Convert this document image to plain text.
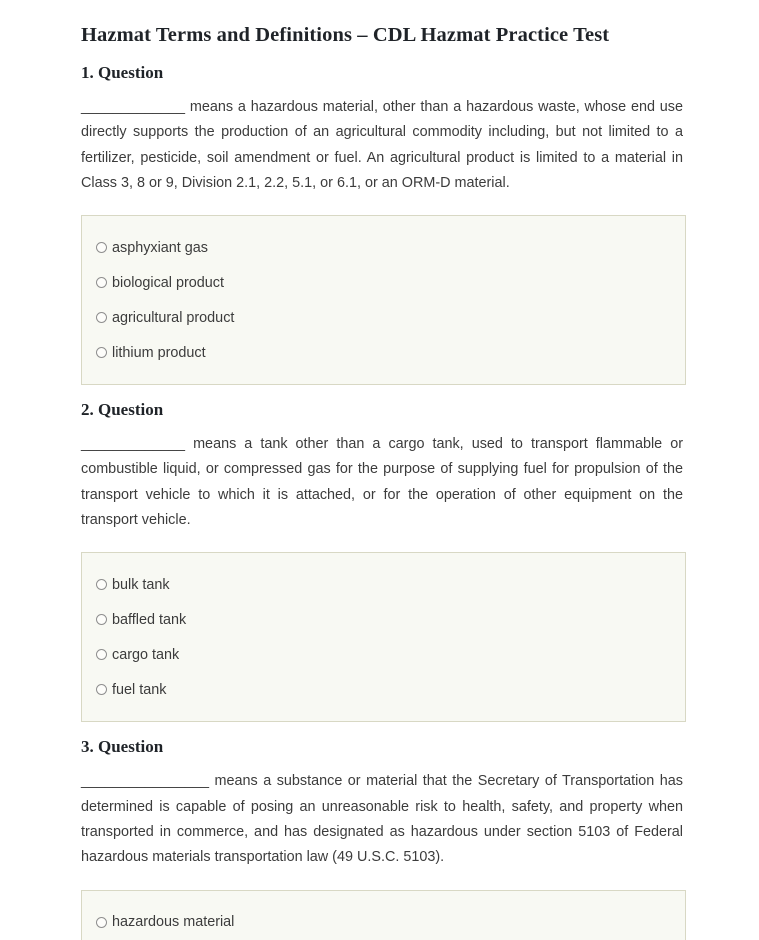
Hazmat Terms and Definitions – CDL Hazmat Practice Test
1. Question

_____________ means a hazardous material, other than a hazardous waste, whose end use directly supports the production of an agricultural commodity including, but not limited to a fertilizer, pesticide, soil amendment or fuel. An agricultural product is limited to a material in Class 3, 8 or 9, Division 2.1, 2.2, 5.1, or 6.1, or an ORM-D material.

asphyxiant gas
biological product
agricultural product
lithium product
2. Question

_____________ means a tank other than a cargo tank, used to transport flammable or combustible liquid, or compressed gas for the purpose of supplying fuel for propulsion of the transport vehicle to which it is attached, or for the operation of other equipment on the transport vehicle.

bulk tank
baffled tank
cargo tank
fuel tank
3. Question

________________ means a substance or material that the Secretary of Transportation has determined is capable of posing an unreasonable risk to health, safety, and property when transported in commerce, and has designated as hazardous under section 5103 of Federal hazardous materials transportation law (49 U.S.C. 5103).

hazardous material
